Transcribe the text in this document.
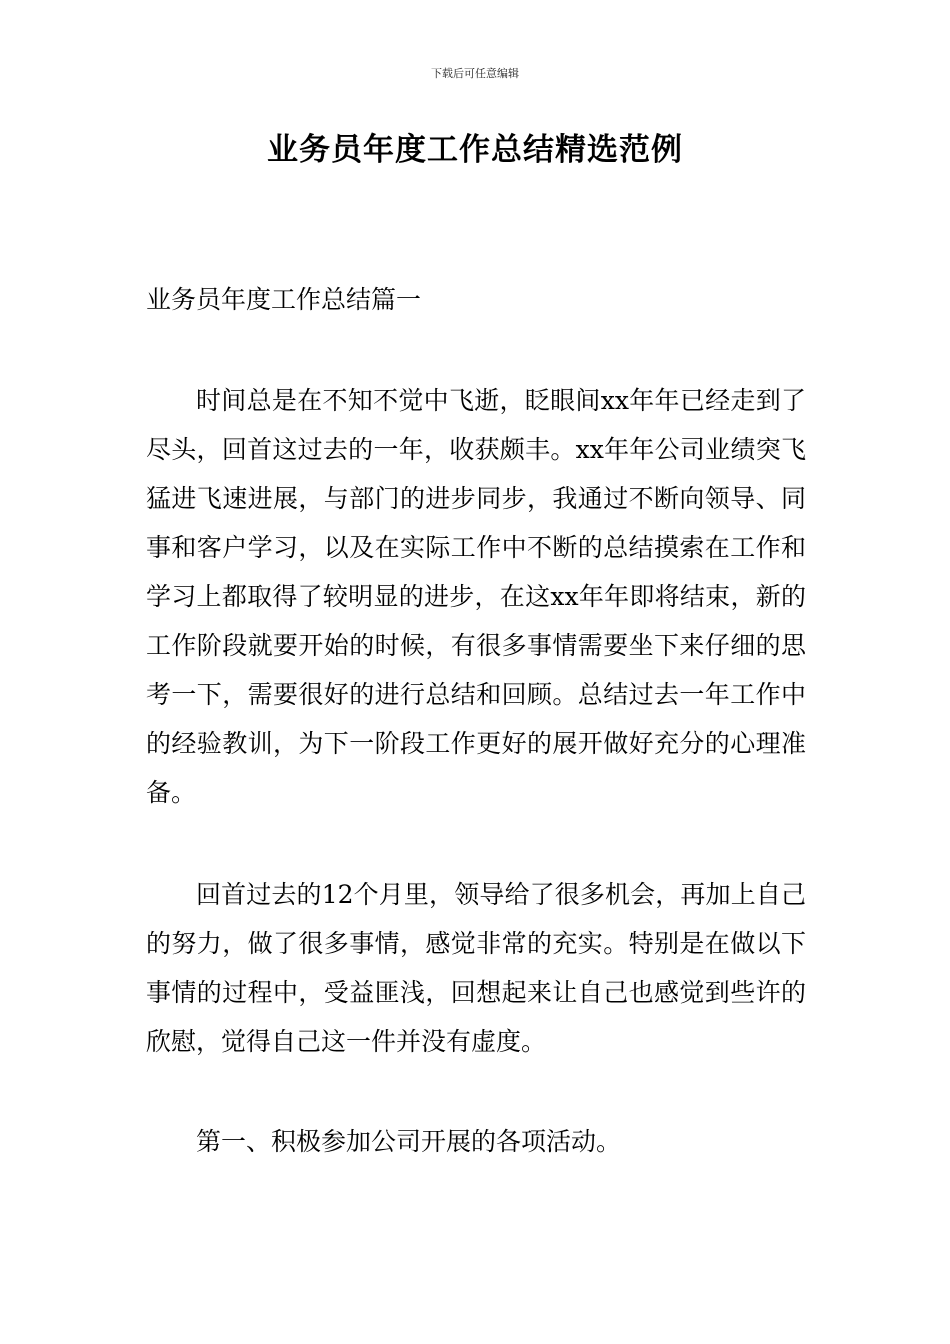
下载后可任意编辑
业务员年度工作总结精选范例
业务员年度工作总结篇一

时间总是在不知不觉中飞逝，眨眼间xx年年已经走到了尽头，回首这过去的一年，收获颇丰。xx年年公司业绩突飞猛进飞速进展，与部门的进步同步，我通过不断向领导、同事和客户学习，以及在实际工作中不断的总结摸索在工作和学习上都取得了较明显的进步，在这xx年年即将结束，新的工作阶段就要开始的时候，有很多事情需要坐下来仔细的思考一下，需要很好的进行总结和回顾。总结过去一年工作中的经验教训，为下一阶段工作更好的展开做好充分的心理准备。

回首过去的12个月里，领导给了很多机会，再加上自己的努力，做了很多事情，感觉非常的充实。特别是在做以下事情的过程中，受益匪浅，回想起来让自己也感觉到些许的欣慰，觉得自己这一件并没有虚度。

第一、积极参加公司开展的各项活动。
